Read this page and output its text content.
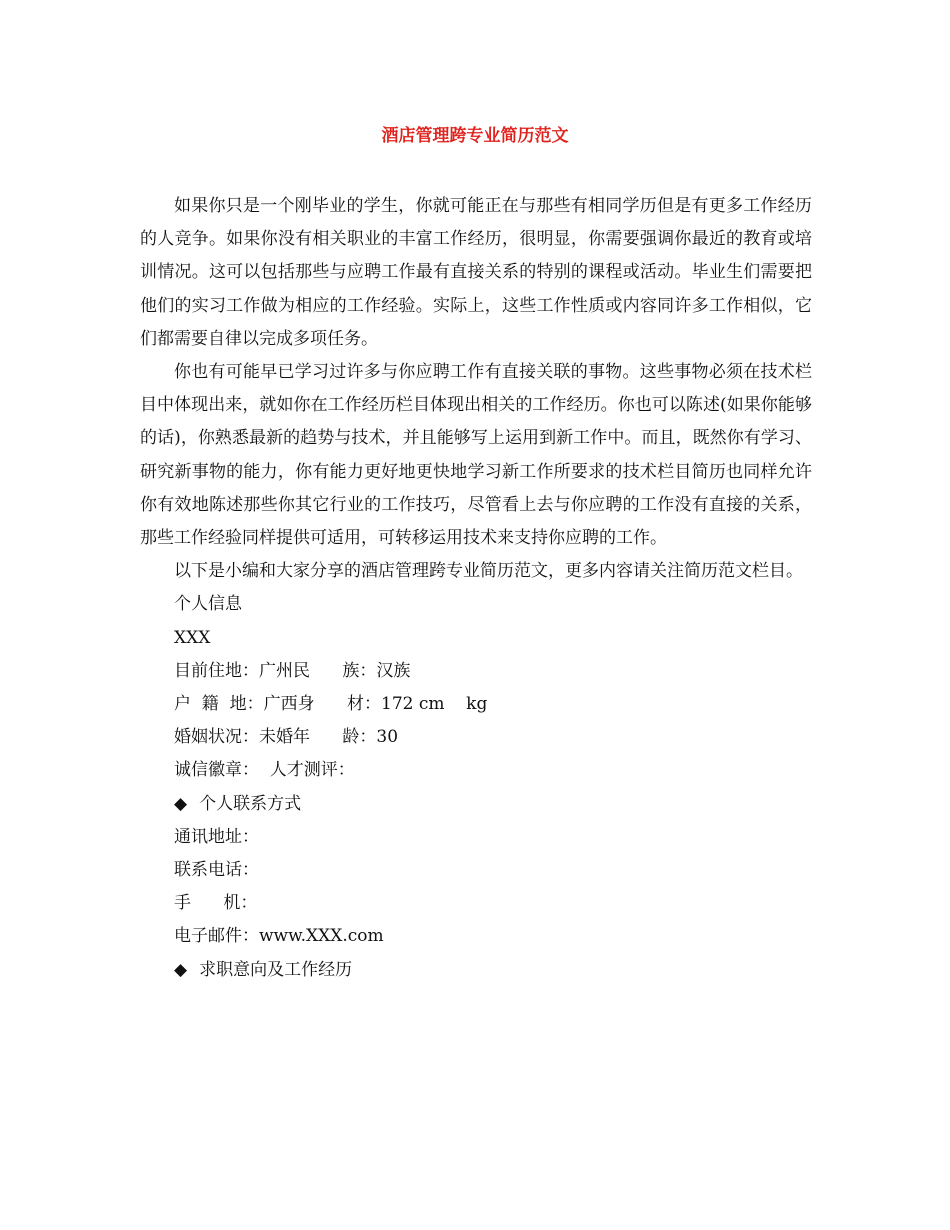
酒店管理跨专业简历范文

如果你只是一个刚毕业的学生，你就可能正在与那些有相同学历但是有更多工作经历的人竞争。如果你没有相关职业的丰富工作经历，很明显，你需要强调你最近的教育或培训情况。这可以包括那些与应聘工作最有直接关系的特别的课程或活动。毕业生们需要把他们的实习工作做为相应的工作经验。实际上，这些工作性质或内容同许多工作相似，它们都需要自律以完成多项任务。

你也有可能早已学习过许多与你应聘工作有直接关联的事物。这些事物必须在技术栏目中体现出来，就如你在工作经历栏目体现出相关的工作经历。你也可以陈述(如果你能够的话)，你熟悉最新的趋势与技术，并且能够写上运用到新工作中。而且，既然你有学习、研究新事物的能力，你有能力更好地更快地学习新工作所要求的技术栏目简历也同样允许你有效地陈述那些你其它行业的工作技巧，尽管看上去与你应聘的工作没有直接的关系，那些工作经验同样提供可适用，可转移运用技术来支持你应聘的工作。

以下是小编和大家分享的酒店管理跨专业简历范文，更多内容请关注简历范文栏目。

个人信息

XXX

目前住地：广州民      族：汉族

户  籍  地：广西身      材：172 cm    kg

婚姻状况：未婚年      龄：30

诚信徽章：  人才测评：

◆ 个人联系方式

通讯地址：

联系电话：

手      机：

电子邮件：www.XXX.com

◆ 求职意向及工作经历
